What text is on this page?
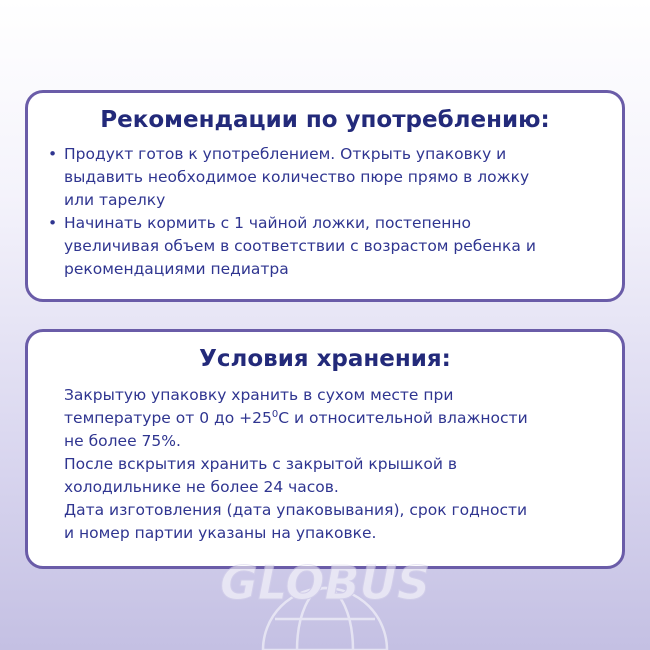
Рекомендации по употреблению:
• Продукт готов к употреблением. Открыть упаковку и
выдавить необходимое количество пюре прямо в ложку
или тарелку
• Начинать кормить с 1 чайной ложки, постепенно
увеличивая объем в соответствии с возрастом ребенка и
рекомендациями педиатра
Условия хранения:

Закрытую упаковку хранить в сухом месте при

температуре от 0 до $+25^0С$ и относительной влажности

не более 75%.

После вскрытия хранить с закрытой крышкой в

холодильнике не более 24 часов.

Дата изготовления (дата упаковывания), срок годности

и номер партии указаны на упаковке.

GLOBUS
